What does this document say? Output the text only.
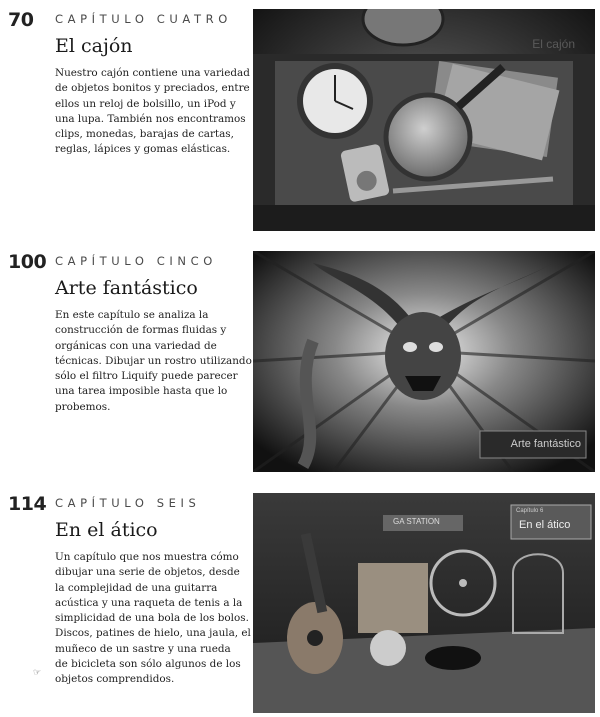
70 CAPÍTULO CUATRO
El cajón
Nuestro cajón contiene una variedad
de objetos bonitos y preciados, entre
ellos un reloj de bolsillo, un iPod y
una lupa. También nos encontramos
clips, monedas, barajas de cartas,
reglas, lápices y gomas elásticas.
El cajón
100 CAPÍTULO CINCO
Arte fantástico
En este capítulo se analiza la
construcción de formas fluidas y
orgánicas con una variedad de
técnicas. Dibujar un rostro utilizando
sólo el filtro Liquify puede parecer
una tarea imposible hasta que lo
probemos.
Arte fantástico
114 CAPÍTULO SEIS
En el ático
Un capítulo que nos muestra cómo
dibujar una serie de objetos, desde
la complejidad de una guitarra
acústica y una raqueta de tenis a la
simplicidad de una bola de los bolos.
Discos, patines de hielo, una jaula, el
muñeco de un sastre y una rueda
de bicicleta son sólo algunos de los
objetos comprendidos.
GA STATION
Capítulo 6
En el ático
☞
